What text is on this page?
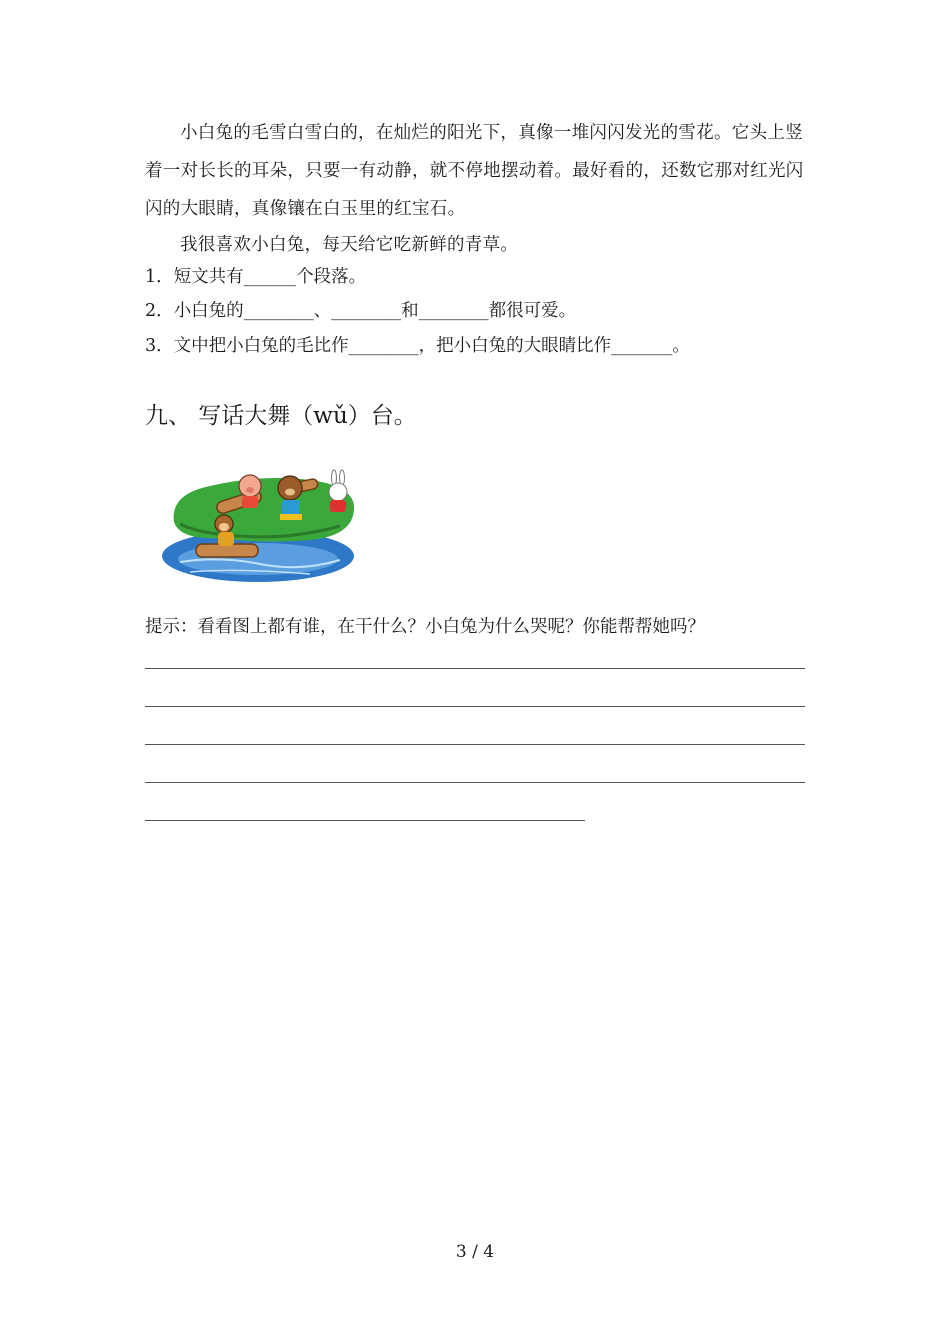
小白兔的毛雪白雪白的，在灿烂的阳光下，真像一堆闪闪发光的雪花。它头上竖着一对长长的耳朵，只要一有动静，就不停地摆动着。最好看的，还数它那对红光闪闪的大眼睛，真像镶在白玉里的红宝石。

我很喜欢小白兔，每天给它吃新鲜的青草。

1．短文共有______个段落。

2．小白兔的________、________和________都很可爱。

3．文中把小白兔的毛比作________，把小白兔的大眼睛比作_______。

九、 写话大舞（wǔ）台。
提示：看看图上都有谁，在干什么？小白兔为什么哭呢？你能帮帮她吗？
3 / 4
